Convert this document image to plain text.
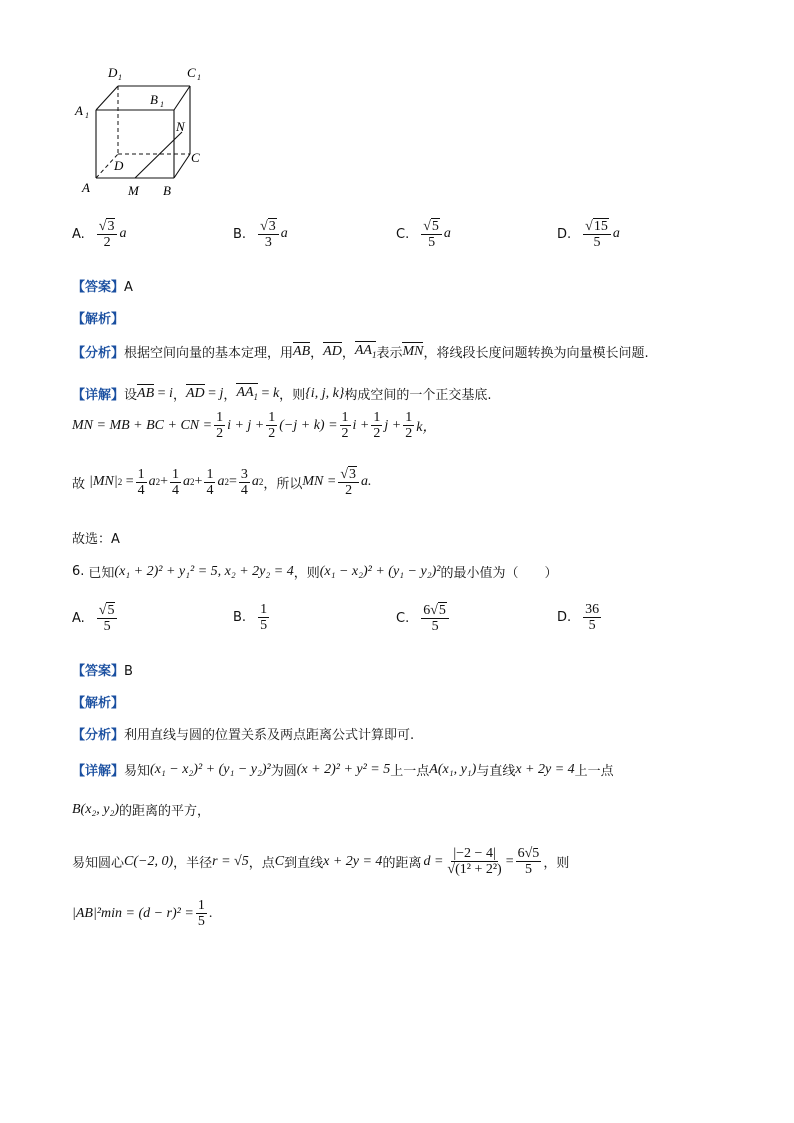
D 1	C 1
A 1
B 1
N
C
D
A	M B
A. $\frac{√3}{2}$ a	B. $\frac{√3}{3}$ a	C. $\frac{√5}{5}$ a	D. $\frac{√15}{5}$ a
【答案】A
【解析】
【分析】 根据空间向量的基本定理，用 AB ， AD ， $AA_1$ 表示 MN ，将线段长度问题转换为向量模长问题.
【详解】 设 AB = i ， AD = j ， $AA_1 = k$ ， 则 {i, j, k} 构成空间的一个正交基底.
MN = MB + BC + CN = $\frac{1}{2}$ $i + j + \frac{1}{2} (-j + k) = \frac{1}{2}$ $i + \frac{1}{2}$ $j + \frac{1}{2}$ k，
故 |MN| 2
= $\frac{1}{4}$ a $2 + \frac{1}{4}$ a $2 + \frac{1}{4}$ a $2 = \frac{3}{4}$ a 2 ，所以 MN = $\frac{√3}{2} a$.
故选：A
6. 已知 (x₁ + 2)² + y₁² = 5, x₂ + 2y₂ = 4 ，则 (x₁ − x₂)² + (y₁ − y₂)² 的最小值为（　　）
A. $\frac{√5}{5}$	B. $\frac{1}{5}$	C. $\frac{6√5}{5}$	D. $\frac{36}{5}$
【答案】B
【解析】
【分析】利用直线与圆的位置关系及两点距离公式计算即可.
【详解】 易知 (x₁ − x₂)² + (y₁ − y₂)² 为圆 (x + 2)² + y² = 5 上一点 A(x₁, y₁) 与直线 x + 2y = 4 上一点
B(x₂, y₂) 的距离的平方，
易知圆心 C(−2, 0) ，半径 r = √5 ，点 C 到直线 x + 2y = 4 的距离 $d = \frac{|-2 - 4|}{\text{√(1² + 2²)}} = \frac{6√5}{5}$ ，则
$|AB|^2\min = (d - r)^2 = \frac{1}{5}$ .
